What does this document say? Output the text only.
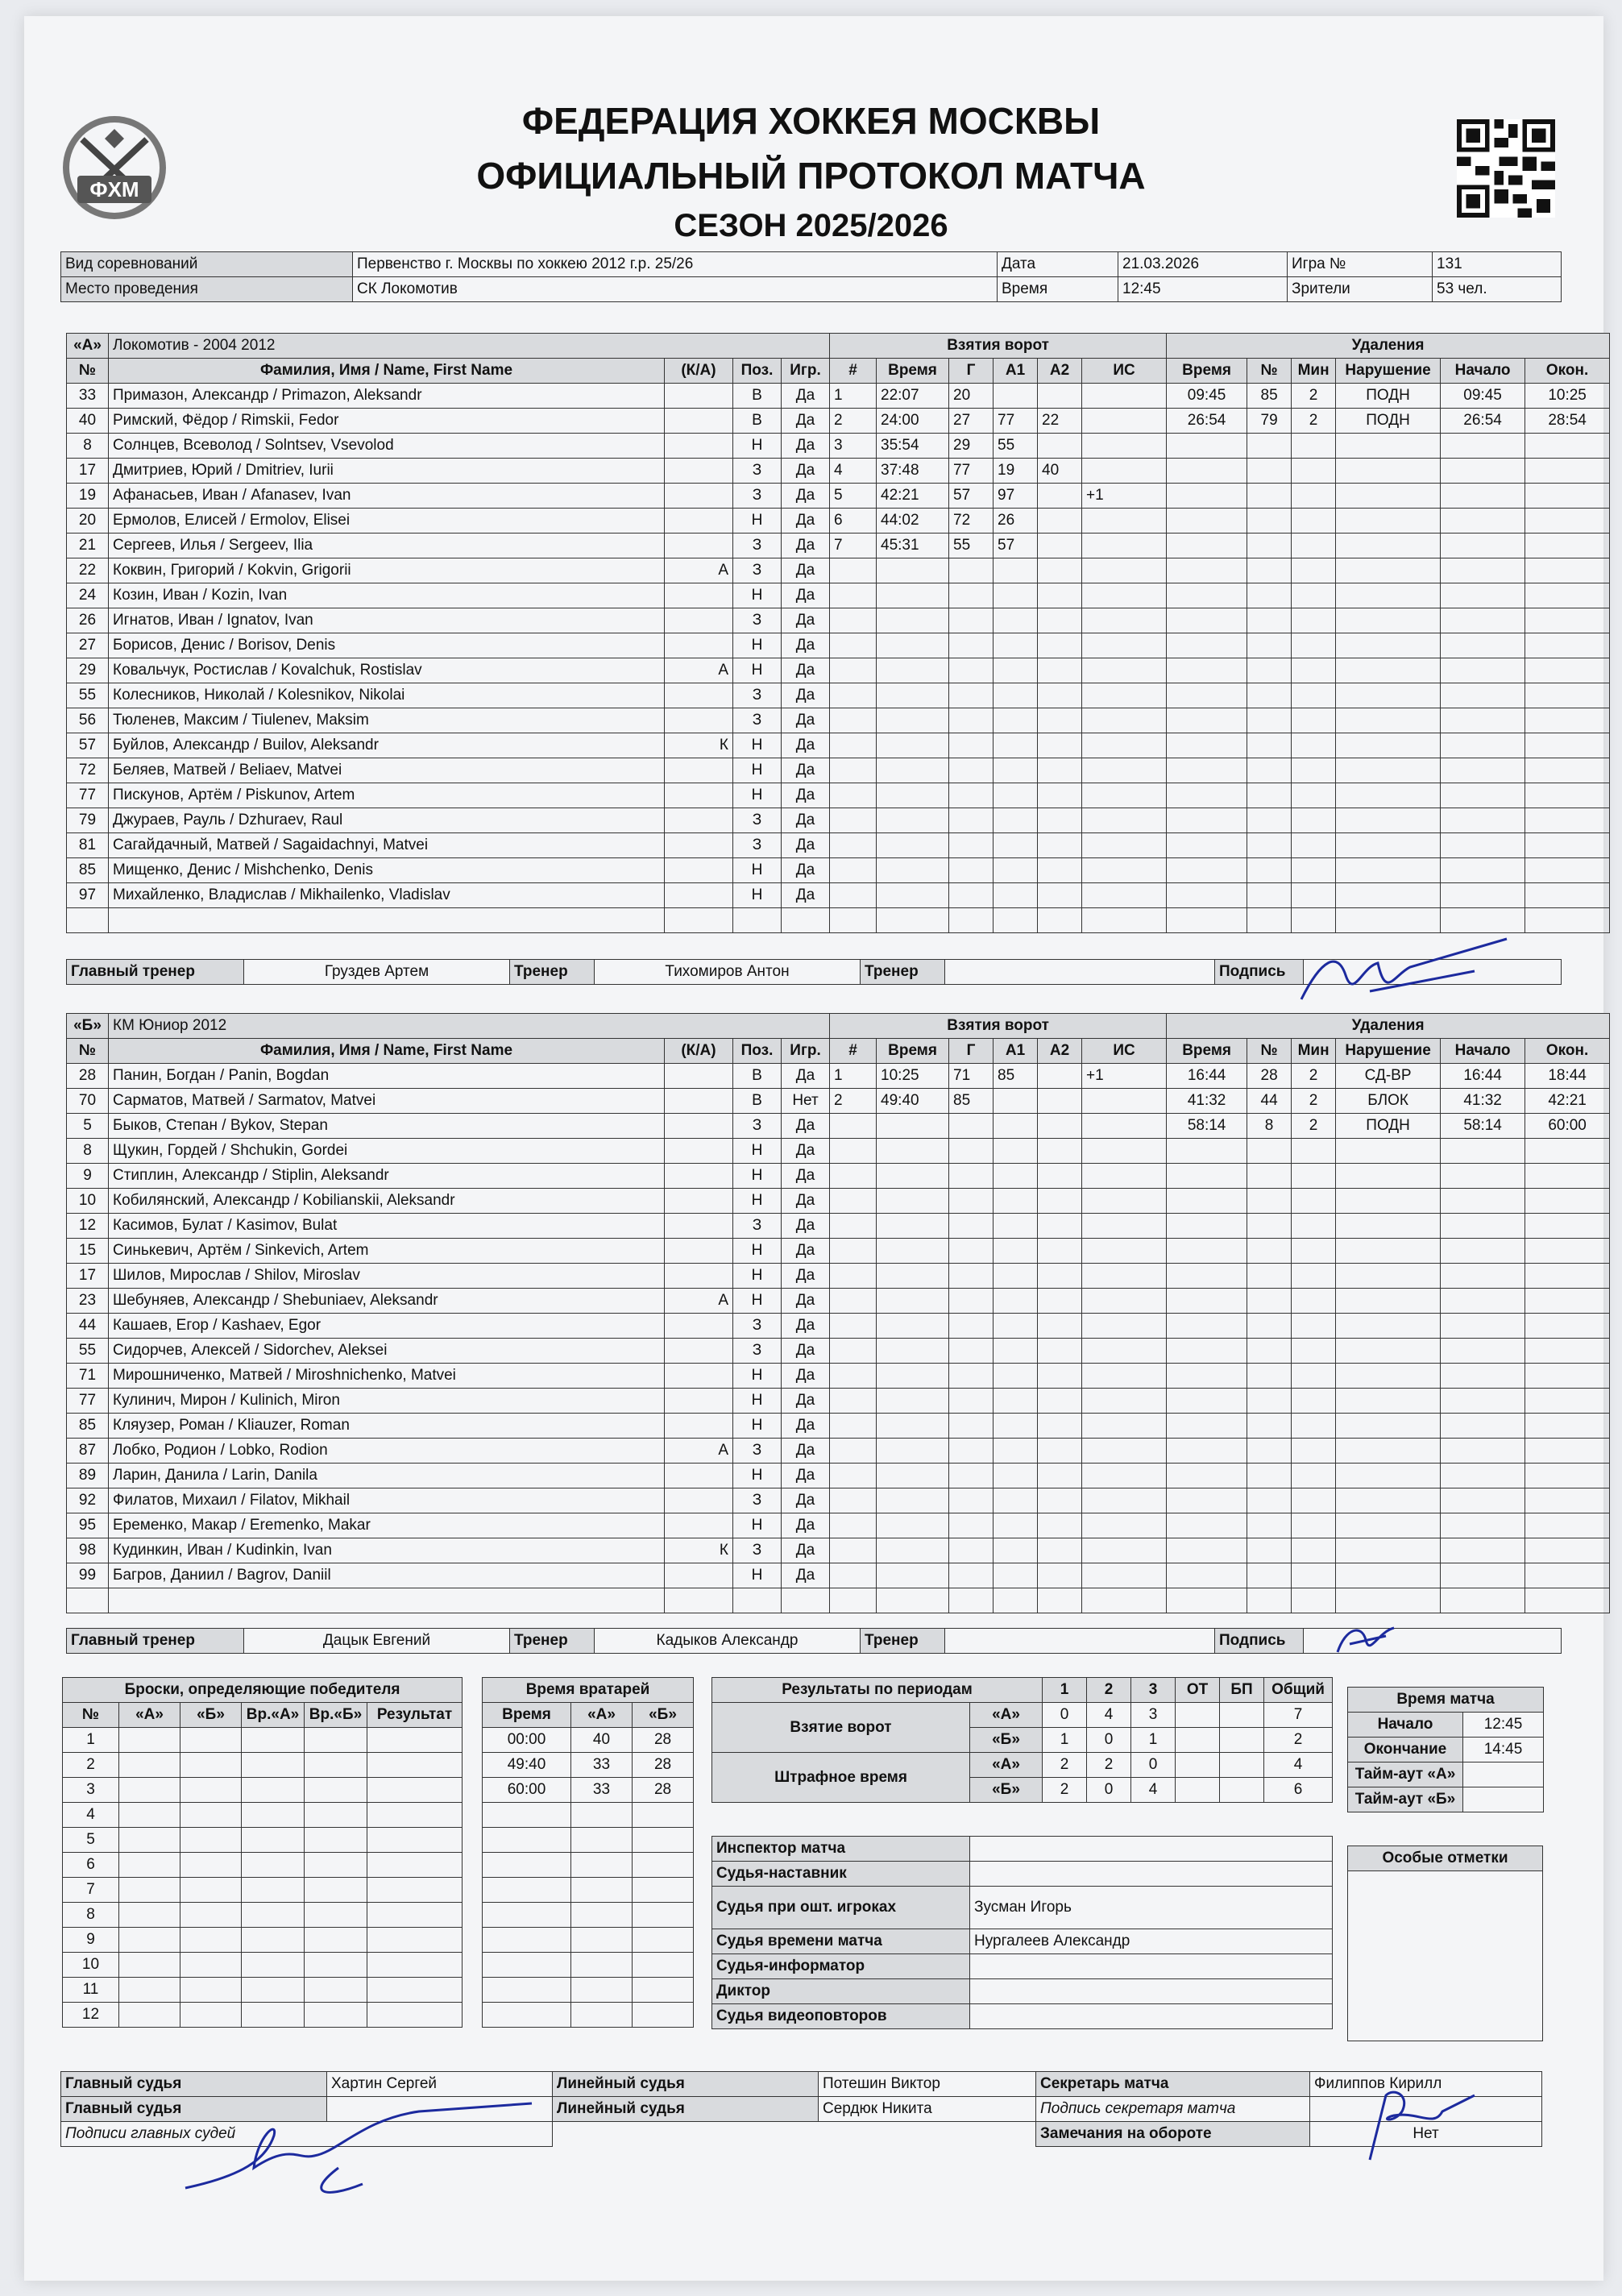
ФХМ
ФЕДЕРАЦИЯ ХОККЕЯ МОСКВЫ
ОФИЦИАЛЬНЫЙ ПРОТОКОЛ МАТЧА
СЕЗОН 2025/2026
Вид соревнований	Первенство г. Москвы по хоккею 2012 г.р. 25/26	Дата	21.03.2026	Игра №	131
Место проведения	СК Локомотив	Время	12:45	Зрители	53 чел.
«А»	Локомотив - 2004 2012				Взятия ворот						Удаления					
№	Фамилия, Имя / Name, First Name	(К/А)	Поз.	Игр.	#	Время	Г	А1	А2	ИС	Время	№	Мин	Нарушение	Начало	Окон.
33	Примазон, Александр / Primazon, Aleksandr		В	Да	1	22:07	20				09:45	85	2	ПОДН	09:45	10:25
40	Римский, Фёдор / Rimskii, Fedor		В	Да	2	24:00	27	77	22		26:54	79	2	ПОДН	26:54	28:54
8	Солнцев, Всеволод / Solntsev, Vsevolod		Н	Да	3	35:54	29	55								
17	Дмитриев, Юрий / Dmitriev, Iurii		З	Да	4	37:48	77	19	40							
19	Афанасьев, Иван / Afanasev, Ivan		З	Да	5	42:21	57	97		+1						
20	Ермолов, Елисей / Ermolov, Elisei		Н	Да	6	44:02	72	26								
21	Сергеев, Илья / Sergeev, Ilia		З	Да	7	45:31	55	57								
22	Коквин, Григорий / Kokvin, Grigorii	А	З	Да												
24	Козин, Иван / Kozin, Ivan		Н	Да												
26	Игнатов, Иван / Ignatov, Ivan		З	Да												
27	Борисов, Денис / Borisov, Denis		Н	Да												
29	Ковальчук, Ростислав / Kovalchuk, Rostislav	А	Н	Да												
55	Колесников, Николай / Kolesnikov, Nikolai		З	Да												
56	Тюленев, Максим / Tiulenev, Maksim		З	Да												
57	Буйлов, Александр / Builov, Aleksandr	К	Н	Да												
72	Беляев, Матвей / Beliaev, Matvei		Н	Да												
77	Пискунов, Артём / Piskunov, Artem		Н	Да												
79	Джураев, Рауль / Dzhuraev, Raul		З	Да												
81	Сагайдачный, Матвей / Sagaidachnyi, Matvei		З	Да												
85	Мищенко, Денис / Mishchenko, Denis		Н	Да												
97	Михайленко, Владислав / Mikhailenko, Vladislav		Н	Да												

Главный тренер	Груздев Артем	Тренер	Тихомиров Антон	Тренер		Подпись	
«Б»	КМ Юниор 2012				Взятия ворот						Удаления					
№	Фамилия, Имя / Name, First Name	(К/А)	Поз.	Игр.	#	Время	Г	А1	А2	ИС	Время	№	Мин	Нарушение	Начало	Окон.
28	Панин, Богдан / Panin, Bogdan		В	Да	1	10:25	71	85		+1	16:44	28	2	СД-ВР	16:44	18:44
70	Сарматов, Матвей / Sarmatov, Matvei		В	Нет	2	49:40	85				41:32	44	2	БЛОК	41:32	42:21
5	Быков, Степан / Bykov, Stepan		З	Да							58:14	8	2	ПОДН	58:14	60:00
8	Щукин, Гордей / Shchukin, Gordei		Н	Да												
9	Стиплин, Александр / Stiplin, Aleksandr		Н	Да												
10	Кобилянский, Александр / Kobilianskii, Aleksandr		Н	Да												
12	Касимов, Булат / Kasimov, Bulat		З	Да												
15	Синькевич, Артём / Sinkevich, Artem		Н	Да												
17	Шилов, Мирослав / Shilov, Miroslav		Н	Да												
23	Шебуняев, Александр / Shebuniaev, Aleksandr	А	Н	Да												
44	Кашаев, Егор / Kashaev, Egor		З	Да												
55	Сидорчев, Алексей / Sidorchev, Aleksei		З	Да												
71	Мирошниченко, Матвей / Miroshnichenko, Matvei		Н	Да												
77	Кулинич, Мирон / Kulinich, Miron		Н	Да												
85	Кляузер, Роман / Kliauzer, Roman		Н	Да												
87	Лобко, Родион / Lobko, Rodion	А	З	Да												
89	Ларин, Данила / Larin, Danila		Н	Да												
92	Филатов, Михаил / Filatov, Mikhail		З	Да												
95	Еременко, Макар / Eremenko, Makar		Н	Да												
98	Кудинкин, Иван / Kudinkin, Ivan	К	З	Да												
99	Багров, Даниил / Bagrov, Daniil		Н	Да												

Главный тренер	Дацык Евгений	Тренер	Кадыков Александр	Тренер		Подпись	
Броски, определяющие победителя					
№	«А»	«Б»	Вр.«А»	Вр.«Б»	Результат
1					
2					
3					
4					
5					
6					
7					
8					
9					
10					
11					
12					
Время вратарей		
Время	«А»	«Б»
00:00	40	28
49:40	33	28
60:00	33	28

Результаты по периодам		1	2	3	ОТ	БП	Общий
Взятие ворот	«А»	0	4	3			7
	«Б»	1	0	1			2
Штрафное время	«А»	2	2	0			4
	«Б»	2	0	4			6
Время матча	
Начало	12:45
Окончание	14:45
Тайм-аут «А»	
Тайм-аут «Б»	
Инспектор матча	
Судья-наставник	
Судья при ошт. игроках	Зусман Игорь
Судья времени матча	Нургалеев Александр
Судья-информатор	
Диктор	
Судья видеоповторов	
Особые отметки

Главный судья	Хартин Сергей	Линейный судья	Потешин Виктор	Секретарь матча	Филиппов Кирилл
Главный судья		Линейный судья	Сердюк Никита	Подпись секретаря матча	
Подписи главных судей				Замечания на обороте	Нет
